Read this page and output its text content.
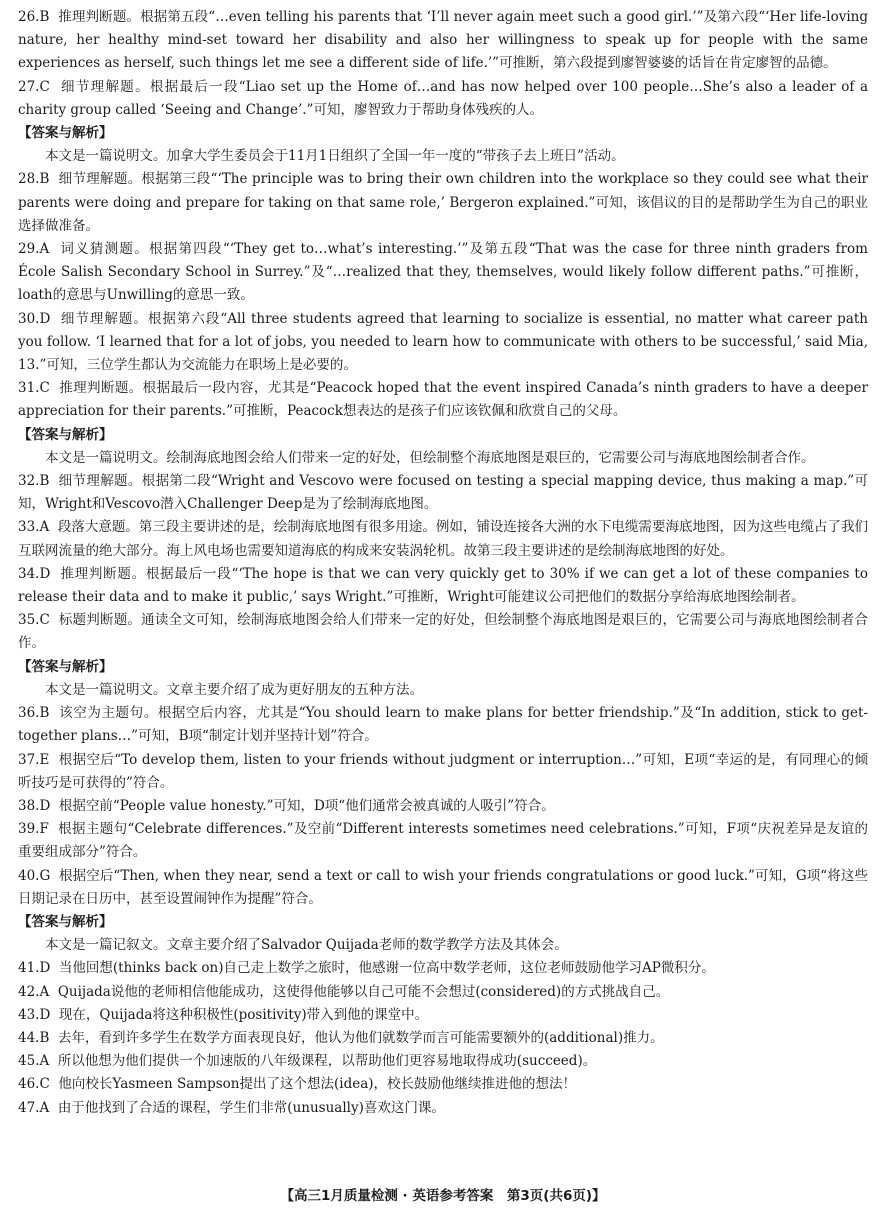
26.B 推理判断题。根据第五段“…even telling his parents that ‘I’ll never again meet such a good girl.’”及第六段“‘Her life-loving nature, her healthy mind-set toward her disability and also her willingness to speak up for people with the same experiences as herself, such things let me see a different side of life.’”可推断，第六段提到廖智婆婆的话旨在肯定廖智的品德。

27.C 细节理解题。根据最后一段“Liao set up the Home of…and has now helped over 100 people…She’s also a leader of a charity group called ‘Seeing and Change’.”可知，廖智致力于帮助身体残疾的人。

【答案与解析】

本文是一篇说明文。加拿大学生委员会于11月1日组织了全国一年一度的“带孩子去上班日”活动。

28.B 细节理解题。根据第三段“‘The principle was to bring their own children into the workplace so they could see what their parents were doing and prepare for taking on that same role,’ Bergeron explained.”可知，该倡议的目的是帮助学生为自己的职业选择做准备。

29.A 词义猜测题。根据第四段“‘They get to…what’s interesting.’”及第五段“That was the case for three ninth graders from École Salish Secondary School in Surrey.”及“…realized that they, themselves, would likely follow different paths.”可推断，loath的意思与Unwilling的意思一致。

30.D 细节理解题。根据第六段“All three students agreed that learning to socialize is essential, no matter what career path you follow. ‘I learned that for a lot of jobs, you needed to learn how to communicate with others to be successful,’ said Mia, 13.”可知，三位学生都认为交流能力在职场上是必要的。

31.C 推理判断题。根据最后一段内容，尤其是“Peacock hoped that the event inspired Canada’s ninth graders to have a deeper appreciation for their parents.”可推断，Peacock想表达的是孩子们应该钦佩和欣赏自己的父母。

【答案与解析】

本文是一篇说明文。绘制海底地图会给人们带来一定的好处，但绘制整个海底地图是艰巨的，它需要公司与海底地图绘制者合作。

32.B 细节理解题。根据第二段“Wright and Vescovo were focused on testing a special mapping device, thus making a map.”可知，Wright和Vescovo潜入Challenger Deep是为了绘制海底地图。

33.A 段落大意题。第三段主要讲述的是，绘制海底地图有很多用途。例如，铺设连接各大洲的水下电缆需要海底地图，因为这些电缆占了我们互联网流量的绝大部分。海上风电场也需要知道海底的构成来安装涡轮机。故第三段主要讲述的是绘制海底地图的好处。

34.D 推理判断题。根据最后一段“‘The hope is that we can very quickly get to 30% if we can get a lot of these companies to release their data and to make it public,’ says Wright.”可推断，Wright可能建议公司把他们的数据分享给海底地图绘制者。

35.C 标题判断题。通读全文可知，绘制海底地图会给人们带来一定的好处，但绘制整个海底地图是艰巨的，它需要公司与海底地图绘制者合作。

【答案与解析】

本文是一篇说明文。文章主要介绍了成为更好朋友的五种方法。

36.B 该空为主题句。根据空后内容，尤其是“You should learn to make plans for better friendship.”及“In addition, stick to get-together plans…”可知，B项“制定计划并坚持计划”符合。

37.E 根据空后“To develop them, listen to your friends without judgment or interruption…”可知，E项“幸运的是，有同理心的倾听技巧是可获得的”符合。

38.D 根据空前“People value honesty.”可知，D项“他们通常会被真诚的人吸引”符合。

39.F 根据主题句“Celebrate differences.”及空前“Different interests sometimes need celebrations.”可知，F项“庆祝差异是友谊的重要组成部分”符合。

40.G 根据空后“Then, when they near, send a text or call to wish your friends congratulations or good luck.”可知，G项“将这些日期记录在日历中，甚至设置闹钟作为提醒”符合。

【答案与解析】

本文是一篇记叙文。文章主要介绍了Salvador Quijada老师的数学教学方法及其体会。

41.D 当他回想(thinks back on)自己走上数学之旅时，他感谢一位高中数学老师，这位老师鼓励他学习AP微积分。

42.A Quijada说他的老师相信他能成功，这使得他能够以自己可能不会想过(considered)的方式挑战自己。

43.D 现在，Quijada将这种积极性(positivity)带入到他的课堂中。

44.B 去年，看到许多学生在数学方面表现良好，他认为他们就数学而言可能需要额外的(additional)推力。

45.A 所以他想为他们提供一个加速版的八年级课程，以帮助他们更容易地取得成功(succeed)。

46.C 他向校长Yasmeen Sampson提出了这个想法(idea)，校长鼓励他继续推进他的想法！

47.A 由于他找到了合适的课程，学生们非常(unusually)喜欢这门课。

【高三1月质量检测 · 英语参考答案　第3页(共6页)】
